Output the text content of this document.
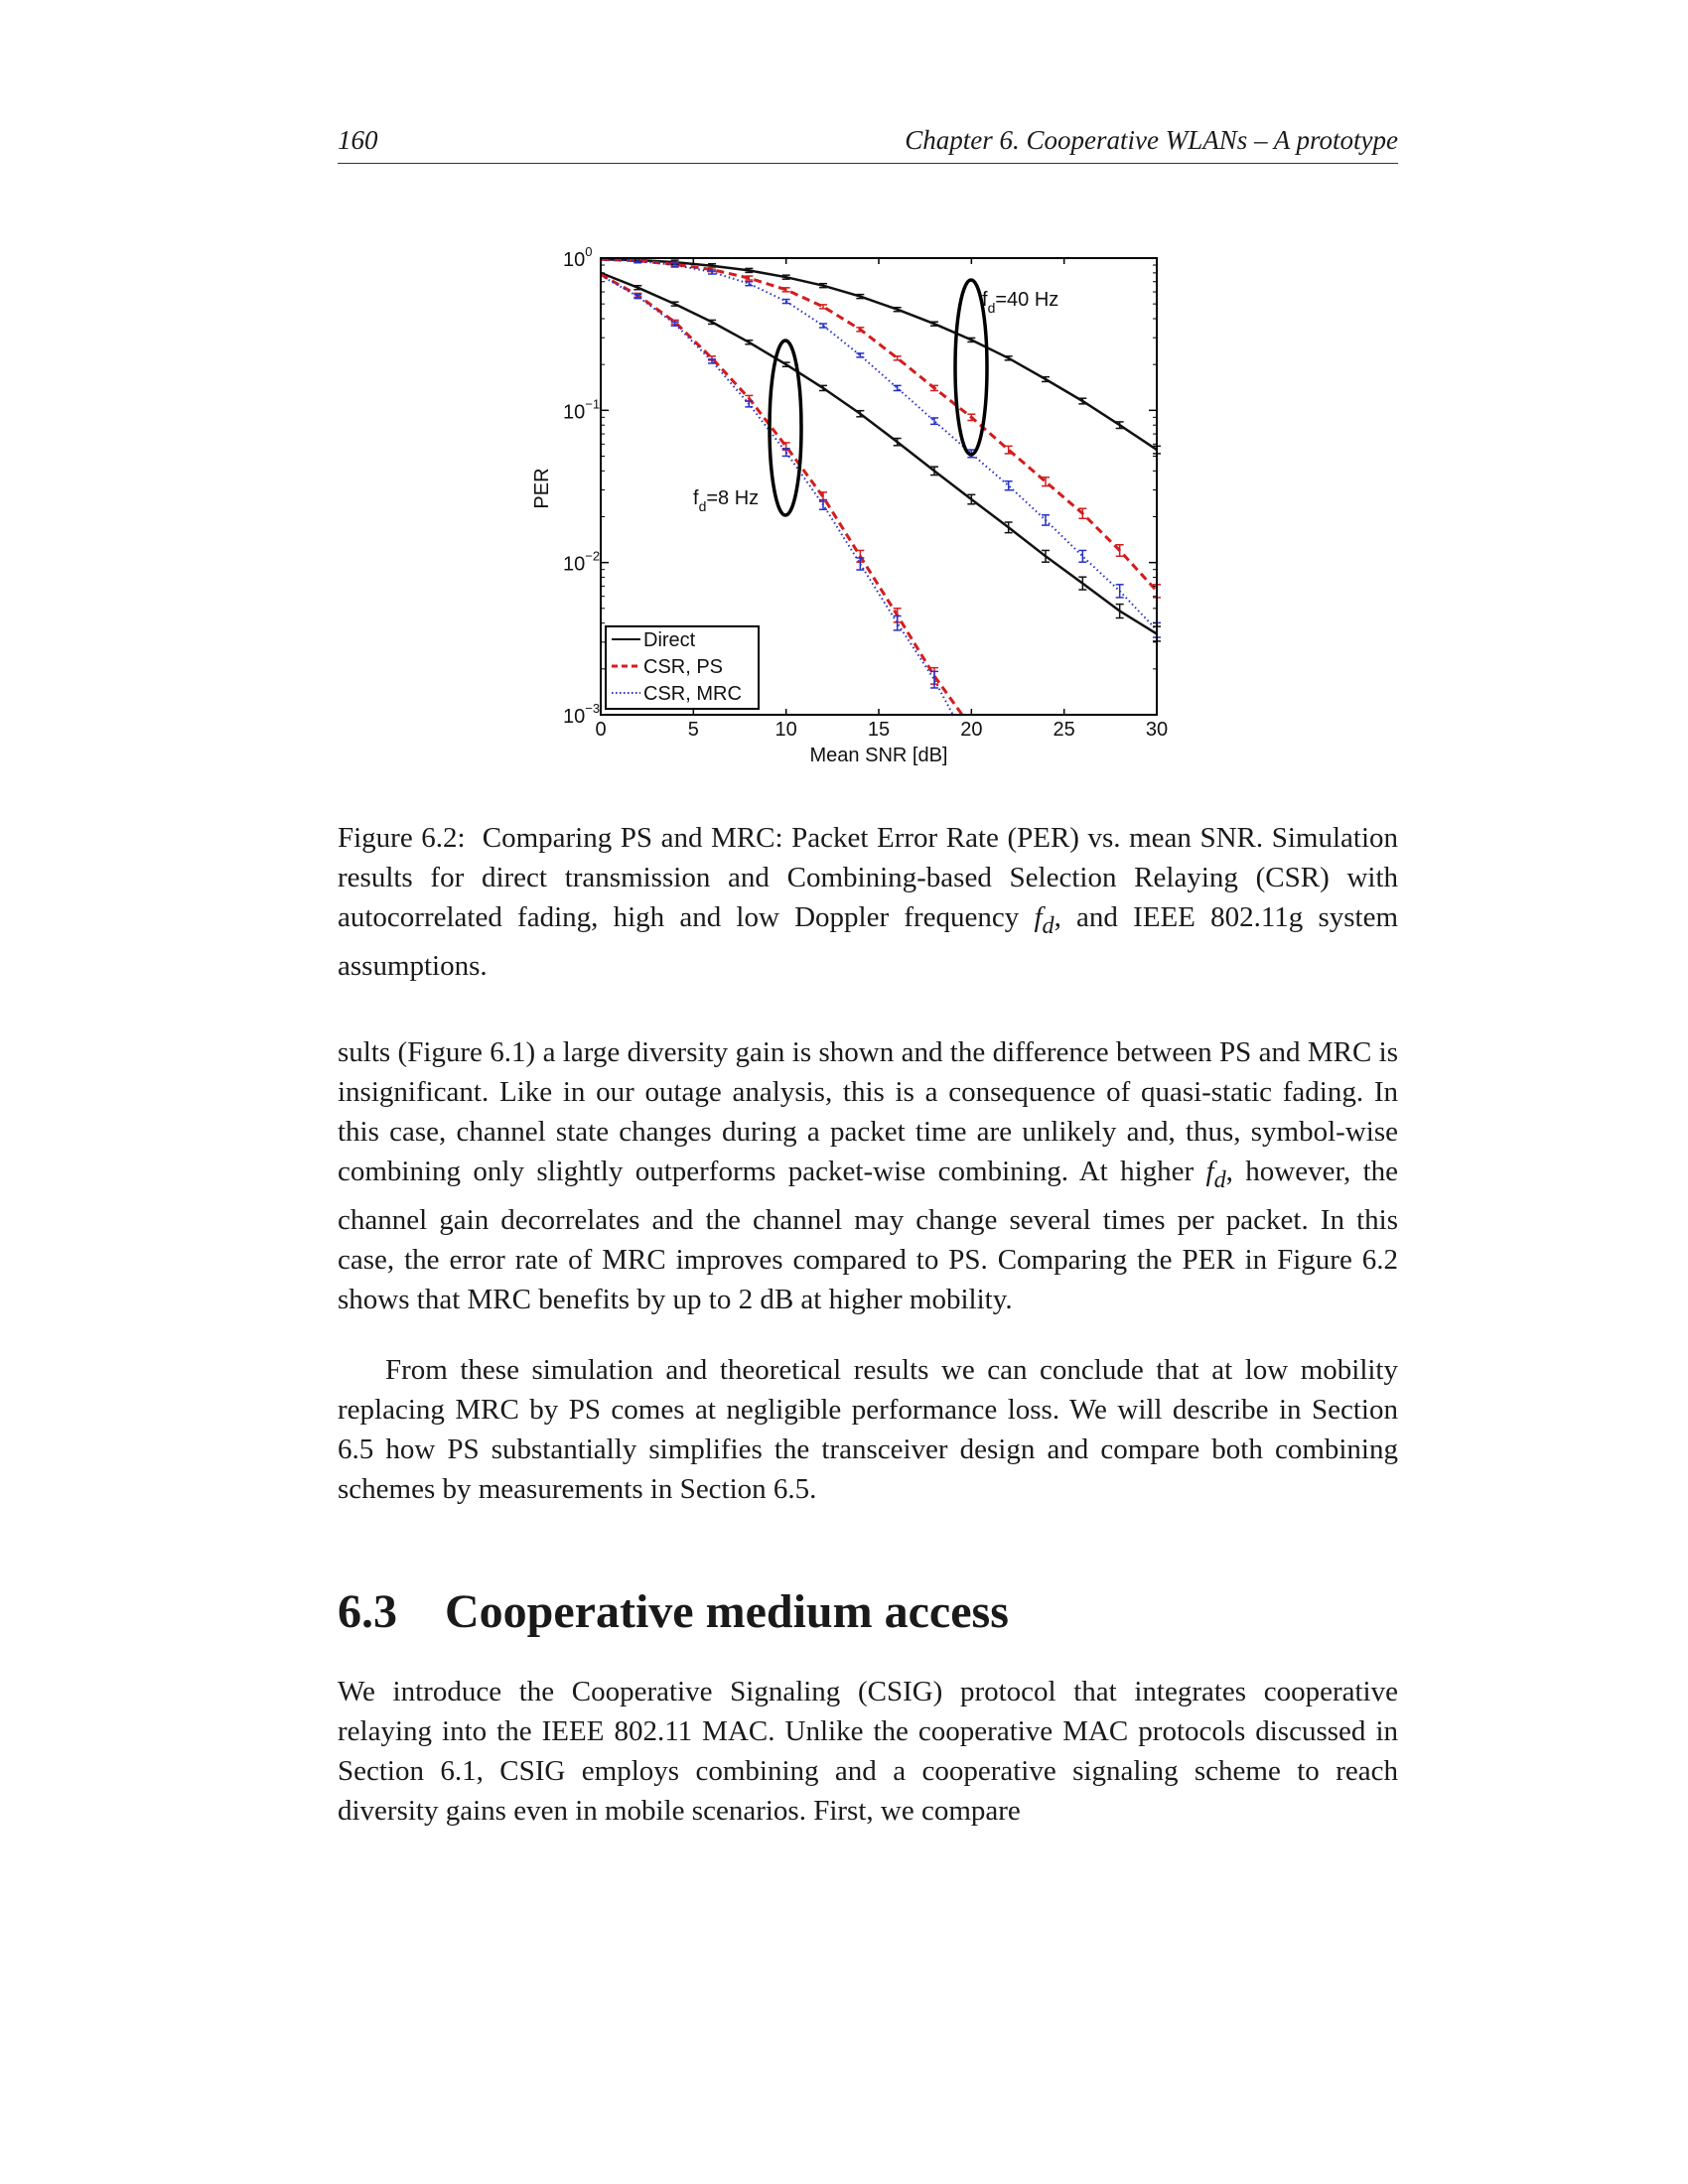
160	Chapter 6. Cooperative WLANs – A prototype
0	5	10	15	20	25	30
$10^0$
$10^{-1}$
$10^{-2}$
$10^{-3}$
PER
Mean SNR [dB]
$f_d=40$ Hz
$f_d=8$ Hz
Direct
CSR, PS
CSR, MRC

Figure 6.2: Comparing PS and MRC: Packet Error Rate (PER) vs. mean SNR. Simulation results for direct transmission and Combining-based Selection Relaying (CSR) with autocorrelated fading, high and low Doppler frequency $f_d$, and IEEE 802.11g system assumptions.

sults (Figure 6.1) a large diversity gain is shown and the difference between PS and MRC is insignificant. Like in our outage analysis, this is a consequence of quasi-static fading. In this case, channel state changes during a packet time are unlikely and, thus, symbol-wise combining only slightly outperforms packet-wise combining. At higher $f_d$, however, the channel gain decorrelates and the channel may change several times per packet. In this case, the error rate of MRC improves compared to PS. Comparing the PER in Figure 6.2 shows that MRC benefits by up to 2 dB at higher mobility.

From these simulation and theoretical results we can conclude that at low mobility replacing MRC by PS comes at negligible performance loss. We will describe in Section 6.5 how PS substantially simplifies the transceiver design and compare both combining schemes by measurements in Section 6.5.

6.3 Cooperative medium access

We introduce the Cooperative Signaling (CSIG) protocol that integrates cooperative relaying into the IEEE 802.11 MAC. Unlike the cooperative MAC protocols discussed in Section 6.1, CSIG employs combining and a cooperative signaling scheme to reach diversity gains even in mobile scenarios. First, we compare
